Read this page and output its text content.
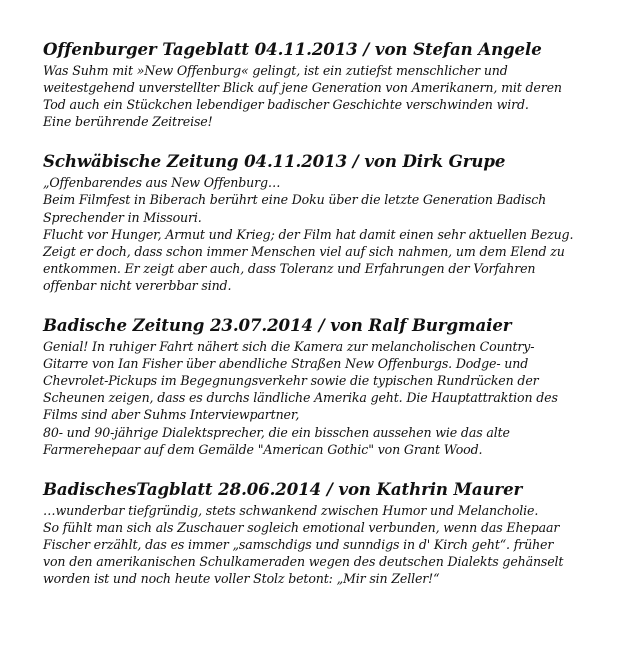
Offenburger Tageblatt 04.11.2013 / von Stefan Angele

Was Suhm mit »New Offenburg« gelingt, ist ein zutiefst menschlicher und

weitestgehend unverstellter Blick auf jene Generation von Amerikanern, mit deren

Tod auch ein Stückchen lebendiger badischer Geschichte verschwinden wird.

Eine berührende Zeitreise!

Schwäbische Zeitung 04.11.2013 / von Dirk Grupe

„Offenbarendes aus New Offenburg…

Beim Filmfest in Biberach berührt eine Doku über die letzte Generation Badisch

Sprechender in Missouri.

Flucht vor Hunger, Armut und Krieg; der Film hat damit einen sehr aktuellen Bezug.

Zeigt er doch, dass schon immer Menschen viel auf sich nahmen, um dem Elend zu

entkommen. Er zeigt aber auch, dass Toleranz und Erfahrungen der Vorfahren

offenbar nicht vererbbar sind.

Badische Zeitung 23.07.2014 / von Ralf Burgmaier

Genial! In ruhiger Fahrt nähert sich die Kamera zur melancholischen Country-

Gitarre von Ian Fisher über abendliche Straßen New Offenburgs. Dodge- und

Chevrolet-Pickups im Begegnungsverkehr sowie die typischen Rundrücken der

Scheunen zeigen, dass es durchs ländliche Amerika geht. Die Hauptattraktion des

Films sind aber Suhms Interviewpartner,

80- und 90-jährige Dialektsprecher, die ein bisschen aussehen wie das alte

Farmerehepaar auf dem Gemälde "American Gothic" von Grant Wood.

BadischesTagblatt 28.06.2014 / von Kathrin Maurer

…wunderbar tiefgründig, stets schwankend zwischen Humor und Melancholie.

So fühlt man sich als Zuschauer sogleich emotional verbunden, wenn das Ehepaar

Fischer erzählt, das es immer „samschdigs und sunndigs in d' Kirch geht“. früher

von den amerikanischen Schulkameraden wegen des deutschen Dialekts gehänselt

worden ist und noch heute voller Stolz betont: „Mir sin Zeller!“
